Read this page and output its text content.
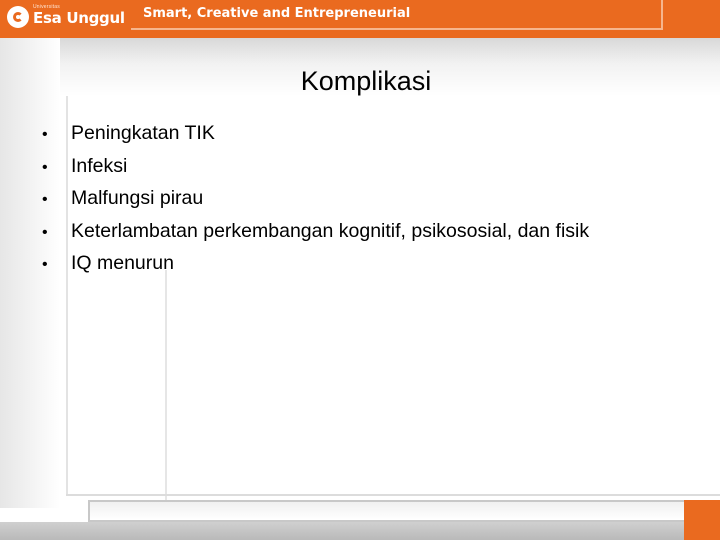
Universitas
Esa Unggul Smart, Creative and Entrepreneurial
Komplikasi
•	Peningkatan TIK
•	Infeksi
•	Malfungsi pirau
•	Keterlambatan perkembangan kognitif, psikososial, dan fisik
•	IQ menurun
